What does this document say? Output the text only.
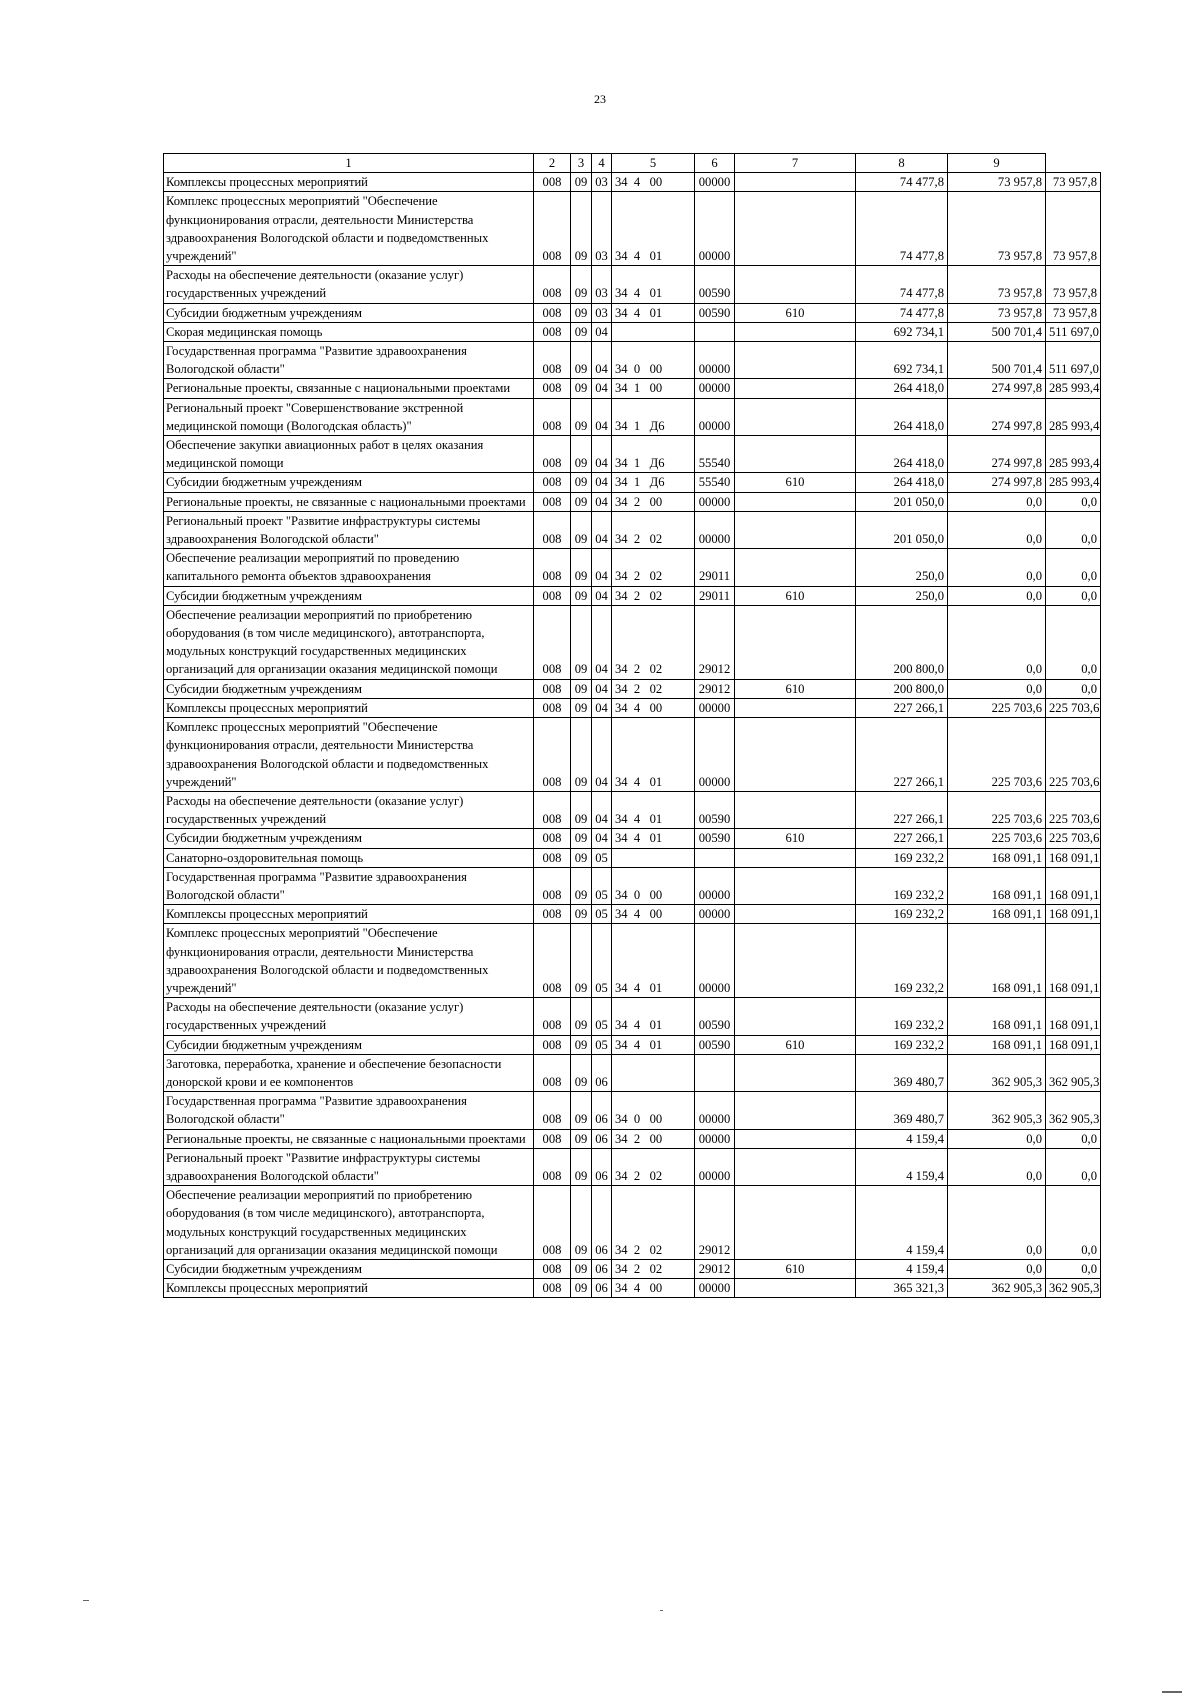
23
1	2	3	4	5	6	7	8	9	
Комплексы процессных мероприятий	008	09	03	34  4   00	00000		74 477,8	73 957,8	73 957,8
Комплекс процессных мероприятий "Обеспечение функционирования отрасли, деятельности Министерства здравоохранения Вологодской области и подведомственных учреждений"	008	09	03	34  4   01	00000		74 477,8	73 957,8	73 957,8
Расходы на обеспечение деятельности (оказание услуг) государственных учреждений	008	09	03	34  4   01	00590		74 477,8	73 957,8	73 957,8
Субсидии бюджетным учреждениям	008	09	03	34  4   01	00590	610	74 477,8	73 957,8	73 957,8
Скорая медицинская помощь	008	09	04				692 734,1	500 701,4	511 697,0
Государственная программа "Развитие здравоохранения Вологодской области"	008	09	04	34  0   00	00000		692 734,1	500 701,4	511 697,0
Региональные проекты, связанные с национальными проектами	008	09	04	34  1   00	00000		264 418,0	274 997,8	285 993,4
Региональный проект "Совершенствование экстренной медицинской помощи (Вологодская область)"	008	09	04	34  1   Д6	00000		264 418,0	274 997,8	285 993,4
Обеспечение закупки авиационных работ в целях оказания медицинской помощи	008	09	04	34  1   Д6	55540		264 418,0	274 997,8	285 993,4
Субсидии бюджетным учреждениям	008	09	04	34  1   Д6	55540	610	264 418,0	274 997,8	285 993,4
Региональные проекты, не связанные с национальными проектами	008	09	04	34  2   00	00000		201 050,0	0,0	0,0
Региональный проект "Развитие инфраструктуры системы здравоохранения Вологодской области"	008	09	04	34  2   02	00000		201 050,0	0,0	0,0
Обеспечение реализации мероприятий по проведению капитального ремонта объектов здравоохранения	008	09	04	34  2   02	29011		250,0	0,0	0,0
Субсидии бюджетным учреждениям	008	09	04	34  2   02	29011	610	250,0	0,0	0,0
Обеспечение реализации мероприятий по приобретению оборудования (в том числе медицинского), автотранспорта, модульных конструкций государственных медицинских организаций для организации оказания медицинской помощи	008	09	04	34  2   02	29012		200 800,0	0,0	0,0
Субсидии бюджетным учреждениям	008	09	04	34  2   02	29012	610	200 800,0	0,0	0,0
Комплексы процессных мероприятий	008	09	04	34  4   00	00000		227 266,1	225 703,6	225 703,6
Комплекс процессных мероприятий "Обеспечение функционирования отрасли, деятельности Министерства здравоохранения Вологодской области и подведомственных учреждений"	008	09	04	34  4   01	00000		227 266,1	225 703,6	225 703,6
Расходы на обеспечение деятельности (оказание услуг) государственных учреждений	008	09	04	34  4   01	00590		227 266,1	225 703,6	225 703,6
Субсидии бюджетным учреждениям	008	09	04	34  4   01	00590	610	227 266,1	225 703,6	225 703,6
Санаторно-оздоровительная помощь	008	09	05				169 232,2	168 091,1	168 091,1
Государственная программа "Развитие здравоохранения Вологодской области"	008	09	05	34  0   00	00000		169 232,2	168 091,1	168 091,1
Комплексы процессных мероприятий	008	09	05	34  4   00	00000		169 232,2	168 091,1	168 091,1
Комплекс процессных мероприятий "Обеспечение функционирования отрасли, деятельности Министерства здравоохранения Вологодской области и подведомственных учреждений"	008	09	05	34  4   01	00000		169 232,2	168 091,1	168 091,1
Расходы на обеспечение деятельности (оказание услуг) государственных учреждений	008	09	05	34  4   01	00590		169 232,2	168 091,1	168 091,1
Субсидии бюджетным учреждениям	008	09	05	34  4   01	00590	610	169 232,2	168 091,1	168 091,1
Заготовка, переработка, хранение и обеспечение безопасности донорской крови и ее компонентов	008	09	06				369 480,7	362 905,3	362 905,3
Государственная программа "Развитие здравоохранения Вологодской области"	008	09	06	34  0   00	00000		369 480,7	362 905,3	362 905,3
Региональные проекты, не связанные с национальными проектами	008	09	06	34  2   00	00000		4 159,4	0,0	0,0
Региональный проект "Развитие инфраструктуры системы здравоохранения Вологодской области"	008	09	06	34  2   02	00000		4 159,4	0,0	0,0
Обеспечение реализации мероприятий по приобретению оборудования (в том числе медицинского), автотранспорта, модульных конструкций государственных медицинских организаций для организации оказания медицинской помощи	008	09	06	34  2   02	29012		4 159,4	0,0	0,0
Субсидии бюджетным учреждениям	008	09	06	34  2   02	29012	610	4 159,4	0,0	0,0
Комплексы процессных мероприятий	008	09	06	34  4   00	00000		365 321,3	362 905,3	362 905,3
